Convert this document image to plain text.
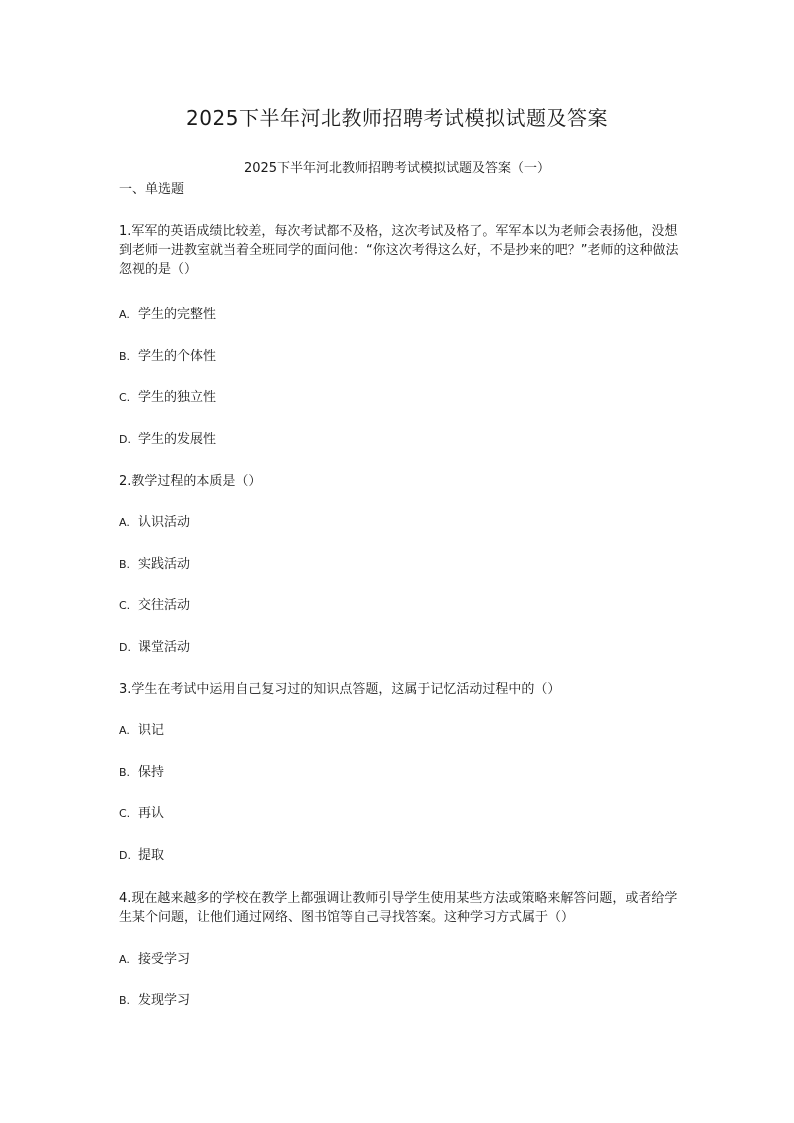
2025下半年河北教师招聘考试模拟试题及答案
2025下半年河北教师招聘考试模拟试题及答案（一）
一、单选题
1.军军的英语成绩比较差，每次考试都不及格，这次考试及格了。军军本以为老师会表扬他，没想到老师一进教室就当着全班同学的面问他：“你这次考得这么好，不是抄来的吧？”老师的这种做法忽视的是（）
A. 学生的完整性
B. 学生的个体性
C. 学生的独立性
D. 学生的发展性
2.教学过程的本质是（）
A. 认识活动
B. 实践活动
C. 交往活动
D. 课堂活动
3.学生在考试中运用自己复习过的知识点答题，这属于记忆活动过程中的（）
A. 识记
B. 保持
C. 再认
D. 提取
4.现在越来越多的学校在教学上都强调让教师引导学生使用某些方法或策略来解答问题，或者给学生某个问题，让他们通过网络、图书馆等自己寻找答案。这种学习方式属于（）
A. 接受学习
B. 发现学习
